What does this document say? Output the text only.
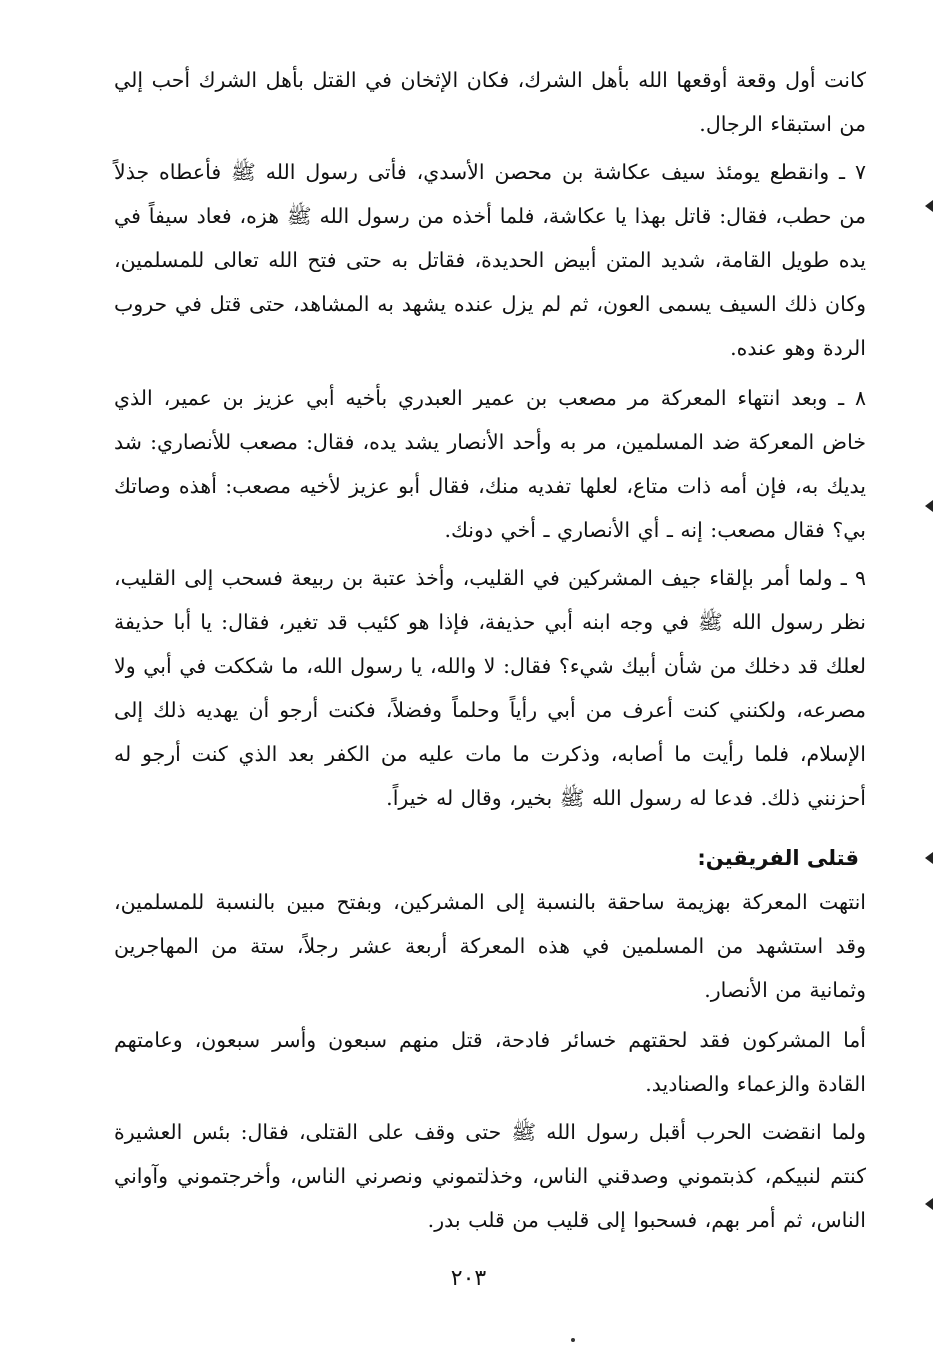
كانت أول وقعة أوقعها الله بأهل الشرك، فكان الإثخان في القتل بأهل الشرك أحب إلي من استبقاء الرجال.

٧ ـ وانقطع يومئذ سيف عكاشة بن محصن الأسدي، فأتى رسول الله ﷺ فأعطاه جذلاً من حطب، فقال: قاتل بهذا يا عكاشة، فلما أخذه من رسول الله ﷺ هزه، فعاد سيفاً في يده طويل القامة، شديد المتن أبيض الحديدة، فقاتل به حتى فتح الله تعالى للمسلمين، وكان ذلك السيف يسمى العون، ثم لم يزل عنده يشهد به المشاهد، حتى قتل في حروب الردة وهو عنده.

٨ ـ وبعد انتهاء المعركة مر مصعب بن عمير العبدري بأخيه أبي عزيز بن عمير، الذي خاض المعركة ضد المسلمين، مر به وأحد الأنصار يشد يده، فقال: مصعب للأنصاري: شد يديك به، فإن أمه ذات متاع، لعلها تفديه منك، فقال أبو عزيز لأخيه مصعب: أهذه وصاتك بي؟ فقال مصعب: إنه ـ أي الأنصاري ـ أخي دونك.

٩ ـ ولما أمر بإلقاء جيف المشركين في القليب، وأخذ عتبة بن ربيعة فسحب إلى القليب، نظر رسول الله ﷺ في وجه ابنه أبي حذيفة، فإذا هو كئيب قد تغير، فقال: يا أبا حذيفة لعلك قد دخلك من شأن أبيك شيء؟ فقال: لا والله، يا رسول الله، ما شككت في أبي ولا مصرعه، ولكنني كنت أعرف من أبي رأياً وحلماً وفضلاً، فكنت أرجو أن يهديه ذلك إلى الإسلام، فلما رأيت ما أصابه، وذكرت ما مات عليه من الكفر بعد الذي كنت أرجو له أحزنني ذلك. فدعا له رسول الله ﷺ بخير، وقال له خيراً.

قتلى الفريقين:

انتهت المعركة بهزيمة ساحقة بالنسبة إلى المشركين، وبفتح مبين بالنسبة للمسلمين، وقد استشهد من المسلمين في هذه المعركة أربعة عشر رجلاً، ستة من المهاجرين وثمانية من الأنصار.

أما المشركون فقد لحقتهم خسائر فادحة، قتل منهم سبعون وأسر سبعون، وعامتهم القادة والزعماء والصناديد.

ولما انقضت الحرب أقبل رسول الله ﷺ حتى وقف على القتلى، فقال: بئس العشيرة كنتم لنبيكم، كذبتموني وصدقني الناس، وخذلتموني ونصرني الناس، وأخرجتموني وآواني الناس، ثم أمر بهم، فسحبوا إلى قليب من قلب بدر.

٢٠٣
